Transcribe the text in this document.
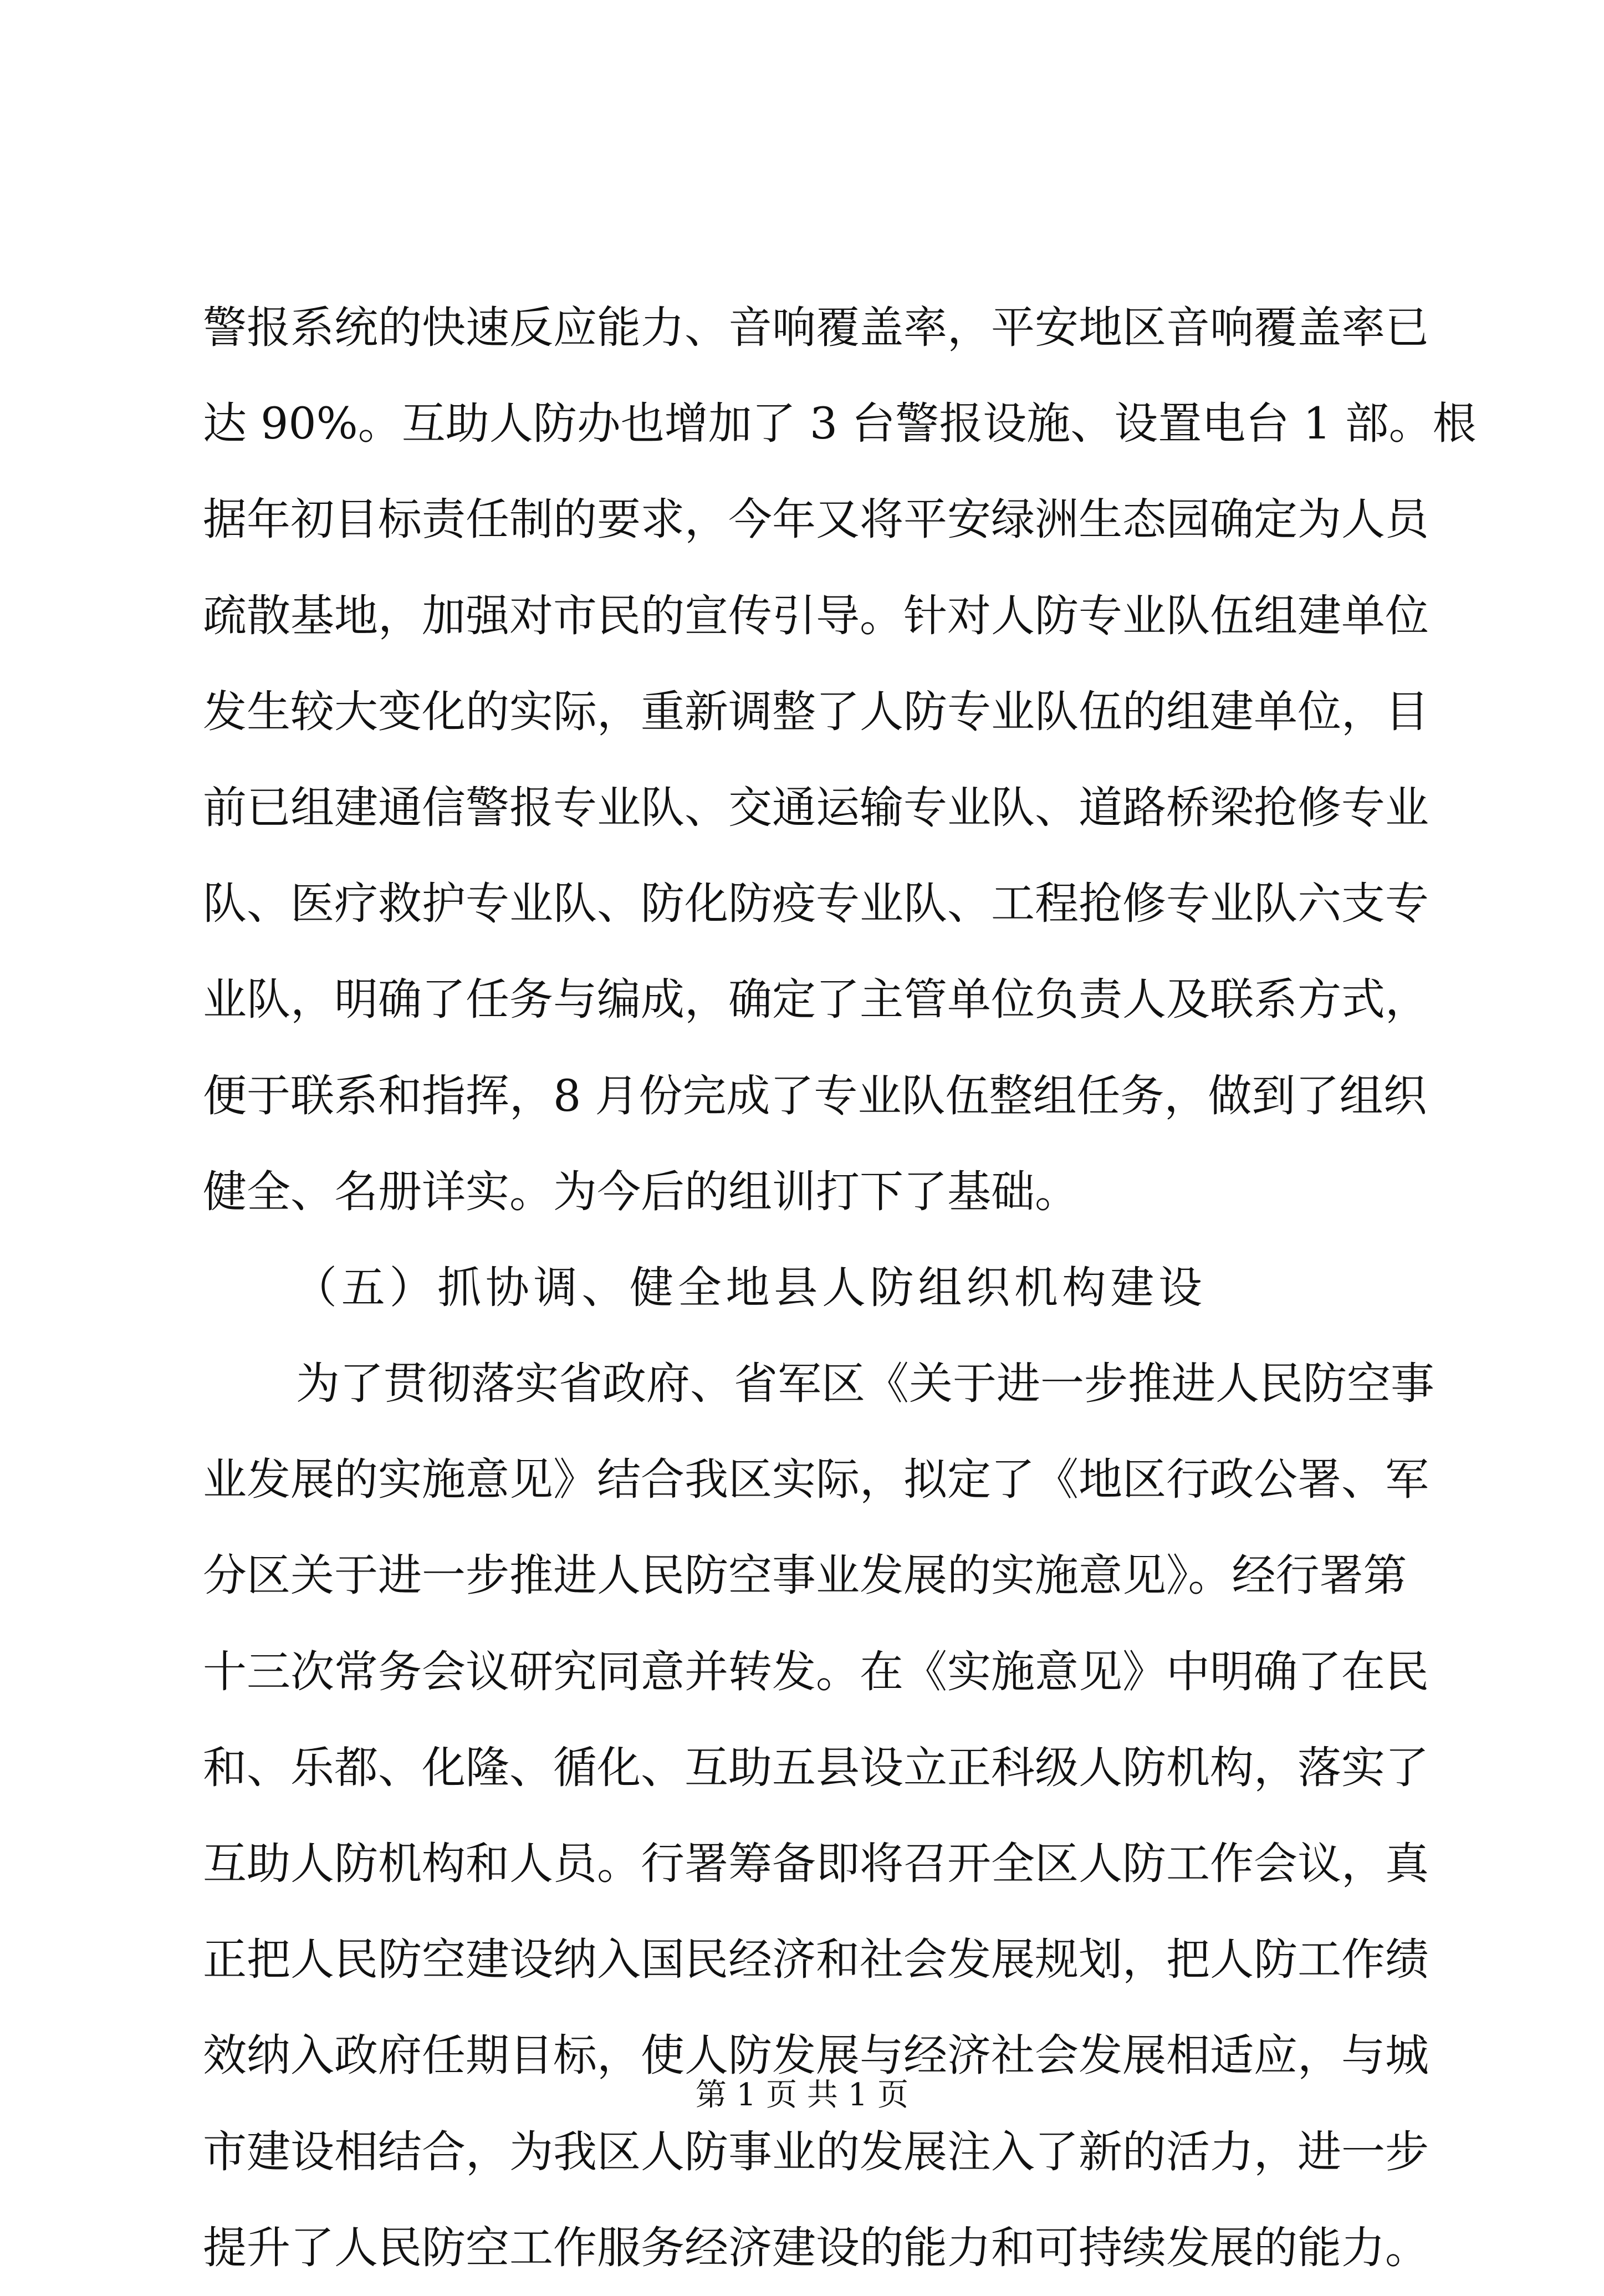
警报系统的快速反应能力、音响覆盖率，平安地区音响覆盖率已
达 90%。互助人防办也增加了 3 台警报设施、设置电台 1 部。根
据年初目标责任制的要求，今年又将平安绿洲生态园确定为人员
疏散基地，加强对市民的宣传引导。针对人防专业队伍组建单位
发生较大变化的实际，重新调整了人防专业队伍的组建单位，目
前已组建通信警报专业队、交通运输专业队、道路桥梁抢修专业
队、医疗救护专业队、防化防疫专业队、工程抢修专业队六支专
业队，明确了任务与编成，确定了主管单位负责人及联系方式，
便于联系和指挥，8 月份完成了专业队伍整组任务，做到了组织
健全、名册详实。为今后的组训打下了基础。
（五）抓协调、健全地县人防组织机构建设
为了贯彻落实省政府、省军区《关于进一步推进人民防空事
业发展的实施意见》结合我区实际，拟定了《地区行政公署、军
分区关于进一步推进人民防空事业发展的实施意见》。经行署第
十三次常务会议研究同意并转发。在《实施意见》中明确了在民
和、乐都、化隆、循化、互助五县设立正科级人防机构，落实了
互助人防机构和人员。行署筹备即将召开全区人防工作会议，真
正把人民防空建设纳入国民经济和社会发展规划，把人防工作绩
效纳入政府任期目标，使人防发展与经济社会发展相适应，与城
市建设相结合，为我区人防事业的发展注入了新的活力，进一步
提升了人民防空工作服务经济建设的能力和可持续发展的能力。
第 1 页 共 1 页
